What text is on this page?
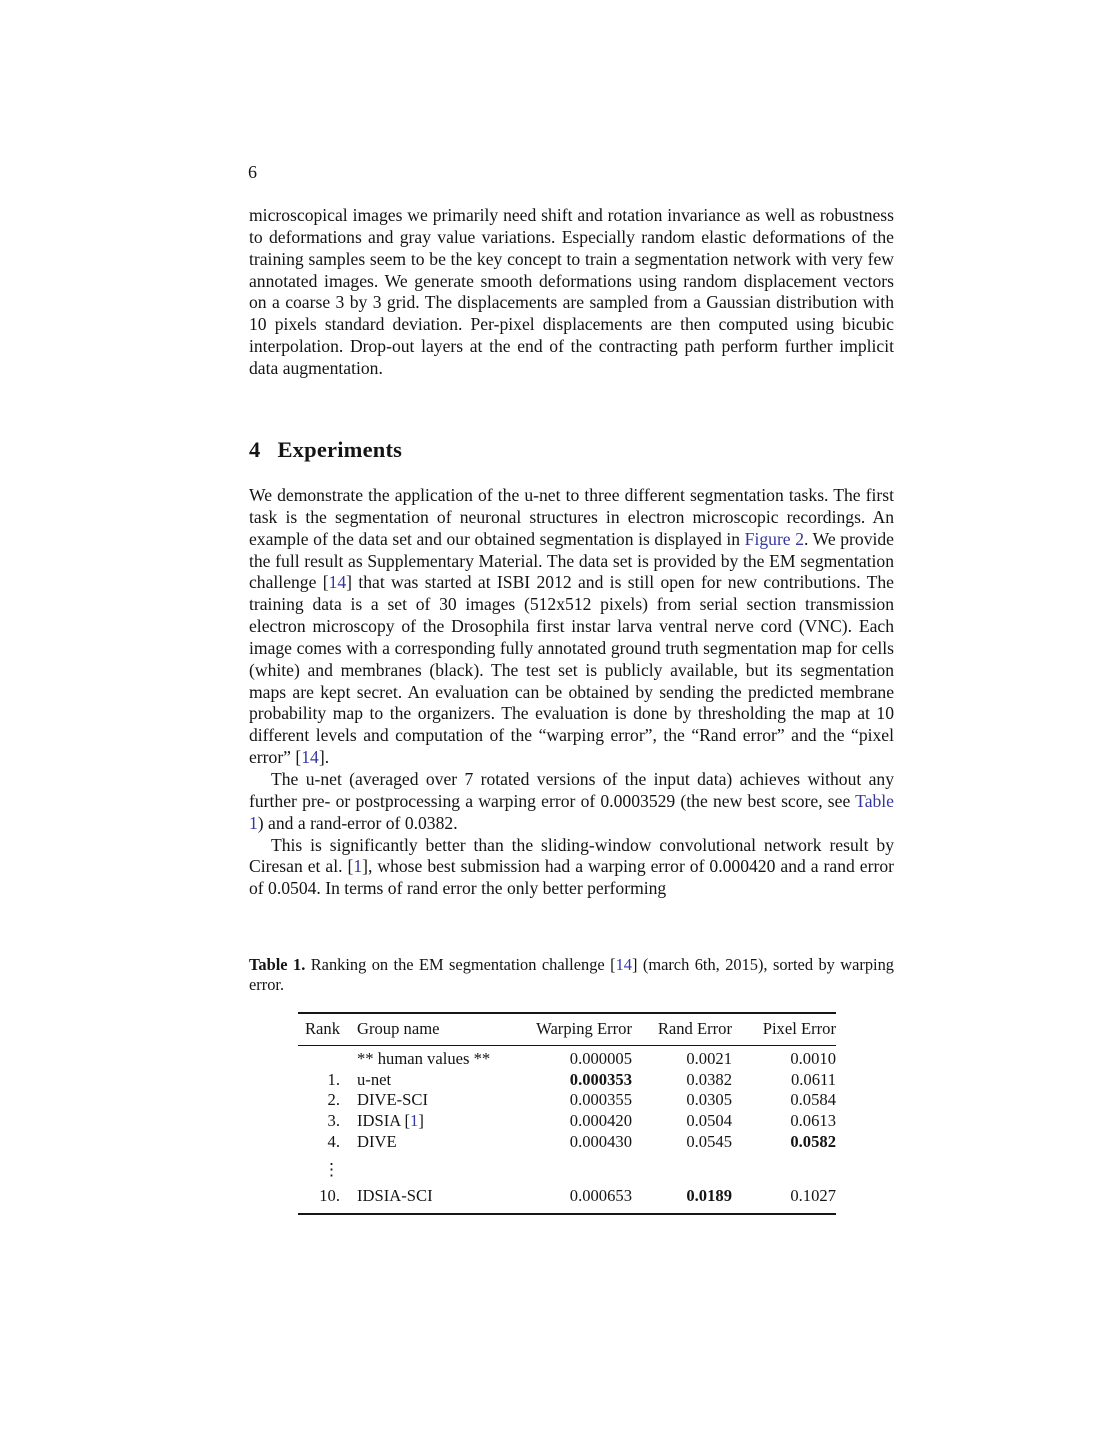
6

microscopical images we primarily need shift and rotation invariance as well as robustness to deformations and gray value variations. Especially random elastic deformations of the training samples seem to be the key concept to train a segmentation network with very few annotated images. We generate smooth deformations using random displacement vectors on a coarse 3 by 3 grid. The displacements are sampled from a Gaussian distribution with 10 pixels standard deviation. Per-pixel displacements are then computed using bicubic interpolation. Drop-out layers at the end of the contracting path perform further implicit data augmentation.

4 Experiments

We demonstrate the application of the u-net to three different segmentation tasks. The first task is the segmentation of neuronal structures in electron microscopic recordings. An example of the data set and our obtained segmentation is displayed in Figure 2. We provide the full result as Supplementary Material. The data set is provided by the EM segmentation challenge [14] that was started at ISBI 2012 and is still open for new contributions. The training data is a set of 30 images (512x512 pixels) from serial section transmission electron microscopy of the Drosophila first instar larva ventral nerve cord (VNC). Each image comes with a corresponding fully annotated ground truth segmentation map for cells (white) and membranes (black). The test set is publicly available, but its segmentation maps are kept secret. An evaluation can be obtained by sending the predicted membrane probability map to the organizers. The evaluation is done by thresholding the map at 10 different levels and computation of the “warping error”, the “Rand error” and the “pixel error” [14].

The u-net (averaged over 7 rotated versions of the input data) achieves without any further pre- or postprocessing a warping error of 0.0003529 (the new best score, see Table 1) and a rand-error of 0.0382.

This is significantly better than the sliding-window convolutional network result by Ciresan et al. [1], whose best submission had a warping error of 0.000420 and a rand error of 0.0504. In terms of rand error the only better performing

Table 1. Ranking on the EM segmentation challenge [14] (march 6th, 2015), sorted by warping error.
Rank	Group name	Warping Error	Rand Error	Pixel Error
	** human values **	0.000005	0.0021	0.0010
1.	u-net	0.000353	0.0382	0.0611
2.	DIVE-SCI	0.000355	0.0305	0.0584
3.	IDSIA [1]	0.000420	0.0504	0.0613
4.	DIVE	0.000430	0.0545	0.0582
⋮				
10.	IDSIA-SCI	0.000653	0.0189	0.1027
